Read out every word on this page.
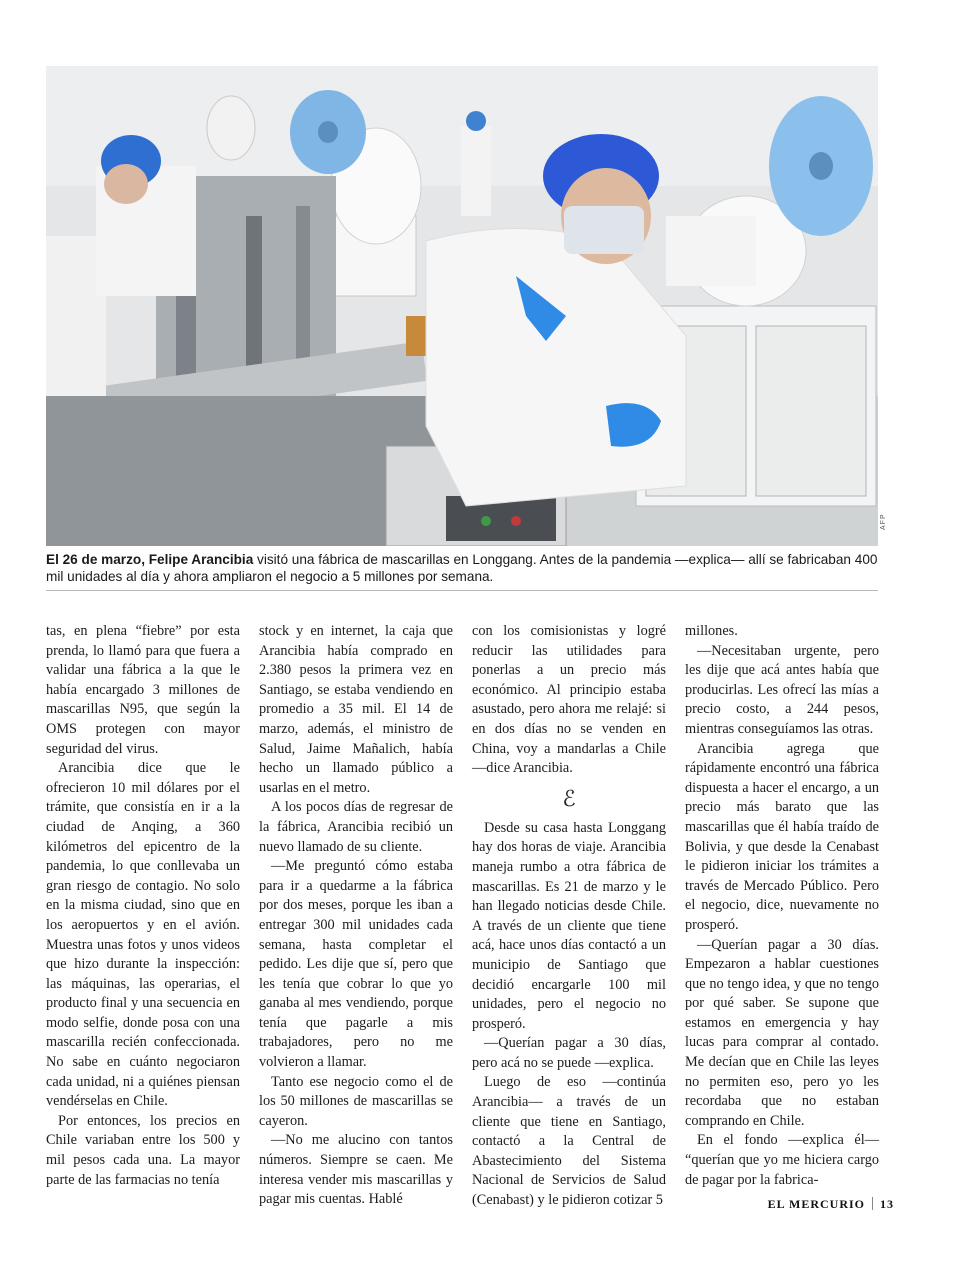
AFP
El 26 de marzo, Felipe Arancibia visitó una fábrica de mascarillas en Longgang. Antes de la pandemia —explica— allí se fabricaban 400 mil unidades al día y ahora ampliaron el negocio a 5 millones por semana.

tas, en plena “fiebre” por esta prenda, lo llamó para que fuera a validar una fábrica a la que le había encargado 3 millones de mascarillas N95, que según la OMS protegen con mayor seguridad del virus.

Arancibia dice que le ofrecieron 10 mil dólares por el trámite, que consistía en ir a la ciudad de Anqing, a 360 kilómetros del epicentro de la pandemia, lo que conllevaba un gran riesgo de contagio. No solo en la misma ciudad, sino que en los aeropuertos y en el avión. Muestra unas fotos y unos videos que hizo durante la inspección: las máquinas, las operarias, el producto final y una secuencia en modo selfie, donde posa con una mascarilla recién confeccionada. No sabe en cuánto negociaron cada unidad, ni a quiénes piensan vendérselas en Chile.

Por entonces, los precios en Chile variaban entre los 500 y mil pesos cada una. La mayor parte de las farmacias no tenía

stock y en internet, la caja que Arancibia había comprado en 2.380 pesos la primera vez en Santiago, se estaba vendiendo en promedio a 35 mil. El 14 de marzo, además, el ministro de Salud, Jaime Mañalich, había hecho un llamado público a usarlas en el metro.

A los pocos días de regresar de la fábrica, Arancibia recibió un nuevo llamado de su cliente.

—Me preguntó cómo estaba para ir a quedarme a la fábrica por dos meses, porque les iban a entregar 300 mil unidades cada semana, hasta completar el pedido. Les dije que sí, pero que les tenía que cobrar lo que yo ganaba al mes vendiendo, porque tenía que pagarle a mis trabajadores, pero no me volvieron a llamar.

Tanto ese negocio como el de los 50 millones de mascarillas se cayeron.

—No me alucino con tantos números. Siempre se caen. Me interesa vender mis mascarillas y pagar mis cuentas. Hablé

con los comisionistas y logré reducir las utilidades para ponerlas a un precio más económico. Al principio estaba asustado, pero ahora me relajé: si en dos días no se venden en China, voy a mandarlas a Chile —dice Arancibia.

ℰ

Desde su casa hasta Longgang hay dos horas de viaje. Arancibia maneja rumbo a otra fábrica de mascarillas. Es 21 de marzo y le han llegado noticias desde Chile. A través de un cliente que tiene acá, hace unos días contactó a un municipio de Santiago que decidió encargarle 100 mil unidades, pero el negocio no prosperó.

—Querían pagar a 30 días, pero acá no se puede —explica.

Luego de eso —continúa Arancibia— a través de un cliente que tiene en Santiago, contactó a la Central de Abastecimiento del Sistema Nacional de Servicios de Salud (Cenabast) y le pidieron cotizar 5

millones.

—Necesitaban urgente, pero les dije que acá antes había que producirlas. Les ofrecí las mías a precio costo, a 244 pesos, mientras conseguíamos las otras.

Arancibia agrega que rápidamente encontró una fábrica dispuesta a hacer el encargo, a un precio más barato que las mascarillas que él había traído de Bolivia, y que desde la Cenabast le pidieron iniciar los trámites a través de Mercado Público. Pero el negocio, dice, nuevamente no prosperó.

—Querían pagar a 30 días. Empezaron a hablar cuestiones que no tengo idea, y que no tengo por qué saber. Se supone que estamos en emergencia y hay lucas para comprar al contado. Me decían que en Chile las leyes no permiten eso, pero yo les recordaba que no estaban comprando en Chile.

En el fondo —explica él— “querían que yo me hiciera cargo de pagar por la fabrica-

EL MERCURIO 13
